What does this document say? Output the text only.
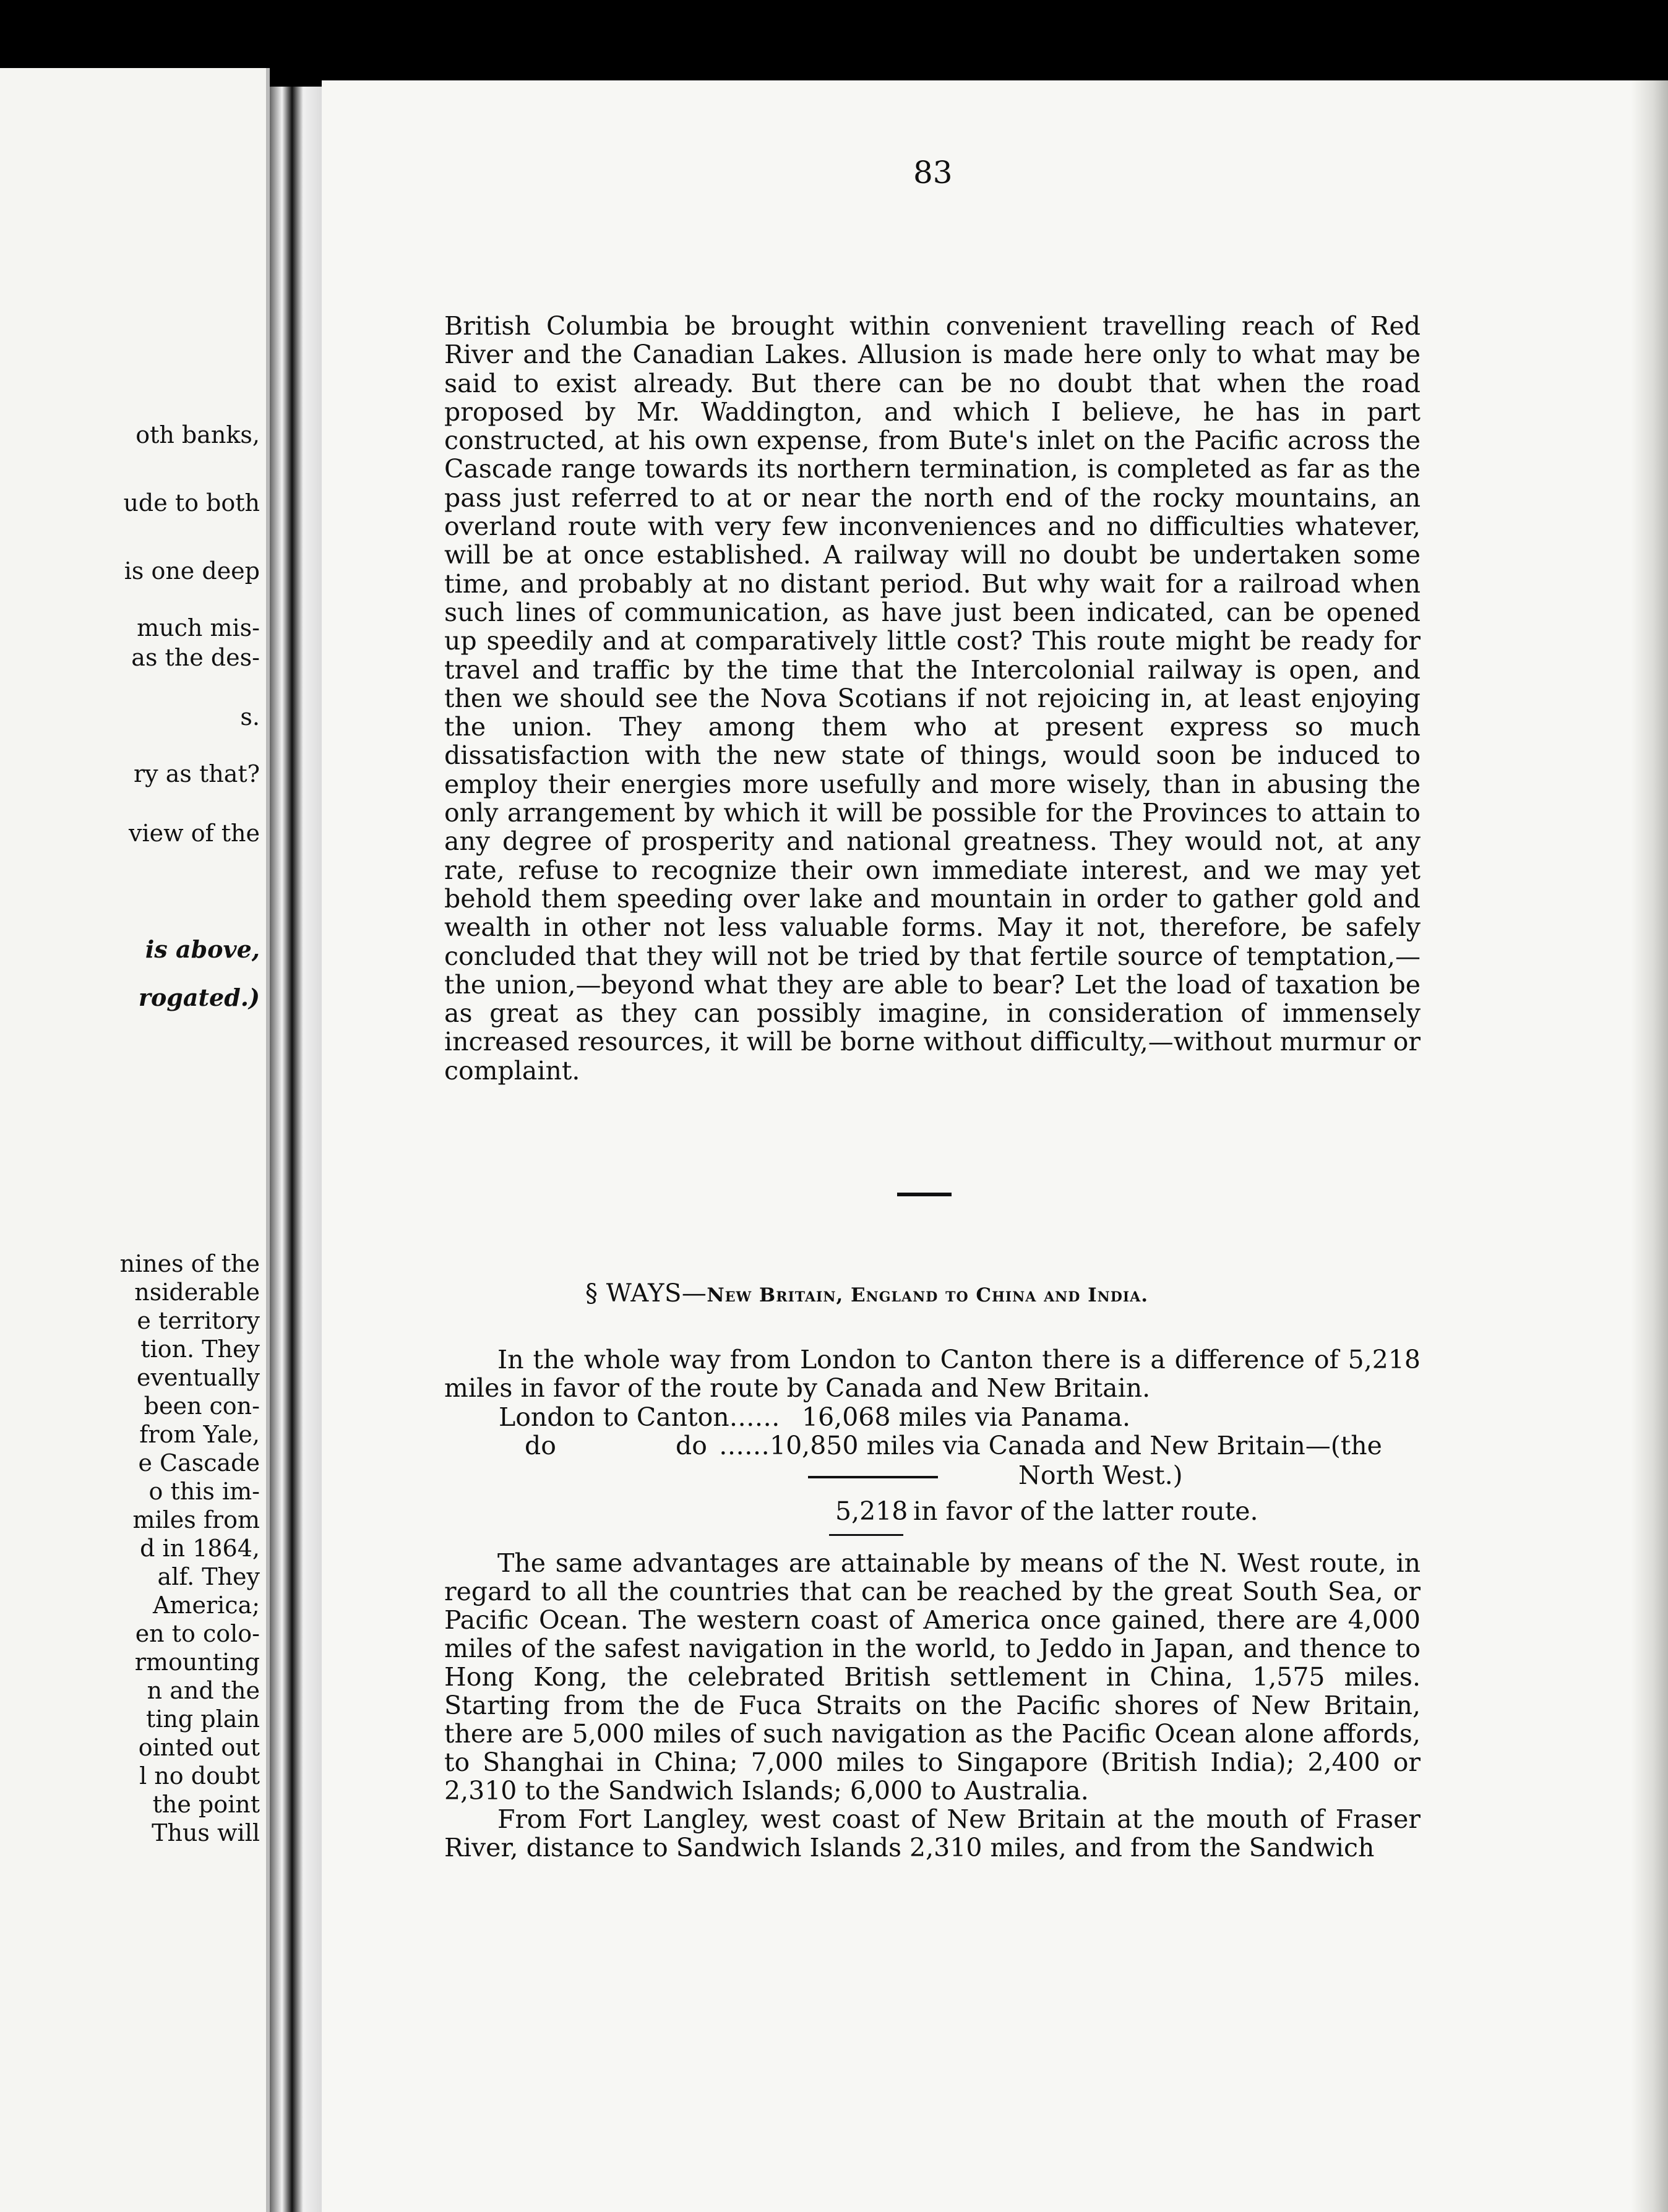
oth banks,
ude to both
is one deep
much mis-
as the des-
s.
ry as that?
view of the
is above,
rogated.)
nines of the
nsiderable
e territory
tion. They
eventually
been con-
from Yale,
e Cascade
o this im-
miles from
d in 1864,
alf. They
America;
en to colo-
rmounting
n and the
ting plain
ointed out
l no doubt
the point
Thus will
83

British Columbia be brought within convenient travelling reach of Red River and the Canadian Lakes. Allusion is made here only to what may be said to exist already. But there can be no doubt that when the road proposed by Mr. Waddington, and which I believe, he has in part constructed, at his own expense, from Bute's inlet on the Pacific across the Cascade range towards its northern termination, is completed as far as the pass just referred to at or near the north end of the rocky mountains, an overland route with very few inconveniences and no difficulties whatever, will be at once established. A railway will no doubt be undertaken some time, and probably at no distant period. But why wait for a railroad when such lines of communication, as have just been indicated, can be opened up speedily and at comparatively little cost? This route might be ready for travel and traffic by the time that the Intercolonial railway is open, and then we should see the Nova Scotians if not rejoicing in, at least enjoying the union. They among them who at present express so much dissatisfaction with the new state of things, would soon be induced to employ their energies more usefully and more wisely, than in abusing the only arrangement by which it will be possible for the Provinces to attain to any degree of prosperity and national greatness. They would not, at any rate, refuse to recognize their own immediate interest, and we may yet behold them speeding over lake and mountain in order to gather gold and wealth in other not less valuable forms. May it not, therefore, be safely concluded that they will not be tried by that fertile source of temptation,—the union,—beyond what they are able to bear? Let the load of taxation be as great as they can possibly imagine, in consideration of immensely increased resources, it will be borne without difficulty,—without murmur or complaint.

§ WAYS—New Britain, England to China and India.

In the whole way from London to Canton there is a difference of 5,218 miles in favor of the route by Canada and New Britain.

London to Canton…… 16,068 miles via Panama.
do	do ……10,850 miles via Canada and New Britain—(the
North West.)
5,218 in favor of the latter route.

The same advantages are attainable by means of the N. West route, in regard to all the countries that can be reached by the great South Sea, or Pacific Ocean. The western coast of America once gained, there are 4,000 miles of the safest navigation in the world, to Jeddo in Japan, and thence to Hong Kong, the celebrated British settlement in China, 1,575 miles. Starting from the de Fuca Straits on the Pacific shores of New Britain, there are 5,000 miles of such navigation as the Pacific Ocean alone affords, to Shanghai in China; 7,000 miles to Singapore (British India); 2,400 or 2,310 to the Sandwich Islands; 6,000 to Australia.

From Fort Langley, west coast of New Britain at the mouth of Fraser River, distance to Sandwich Islands 2,310 miles, and from the Sandwich
